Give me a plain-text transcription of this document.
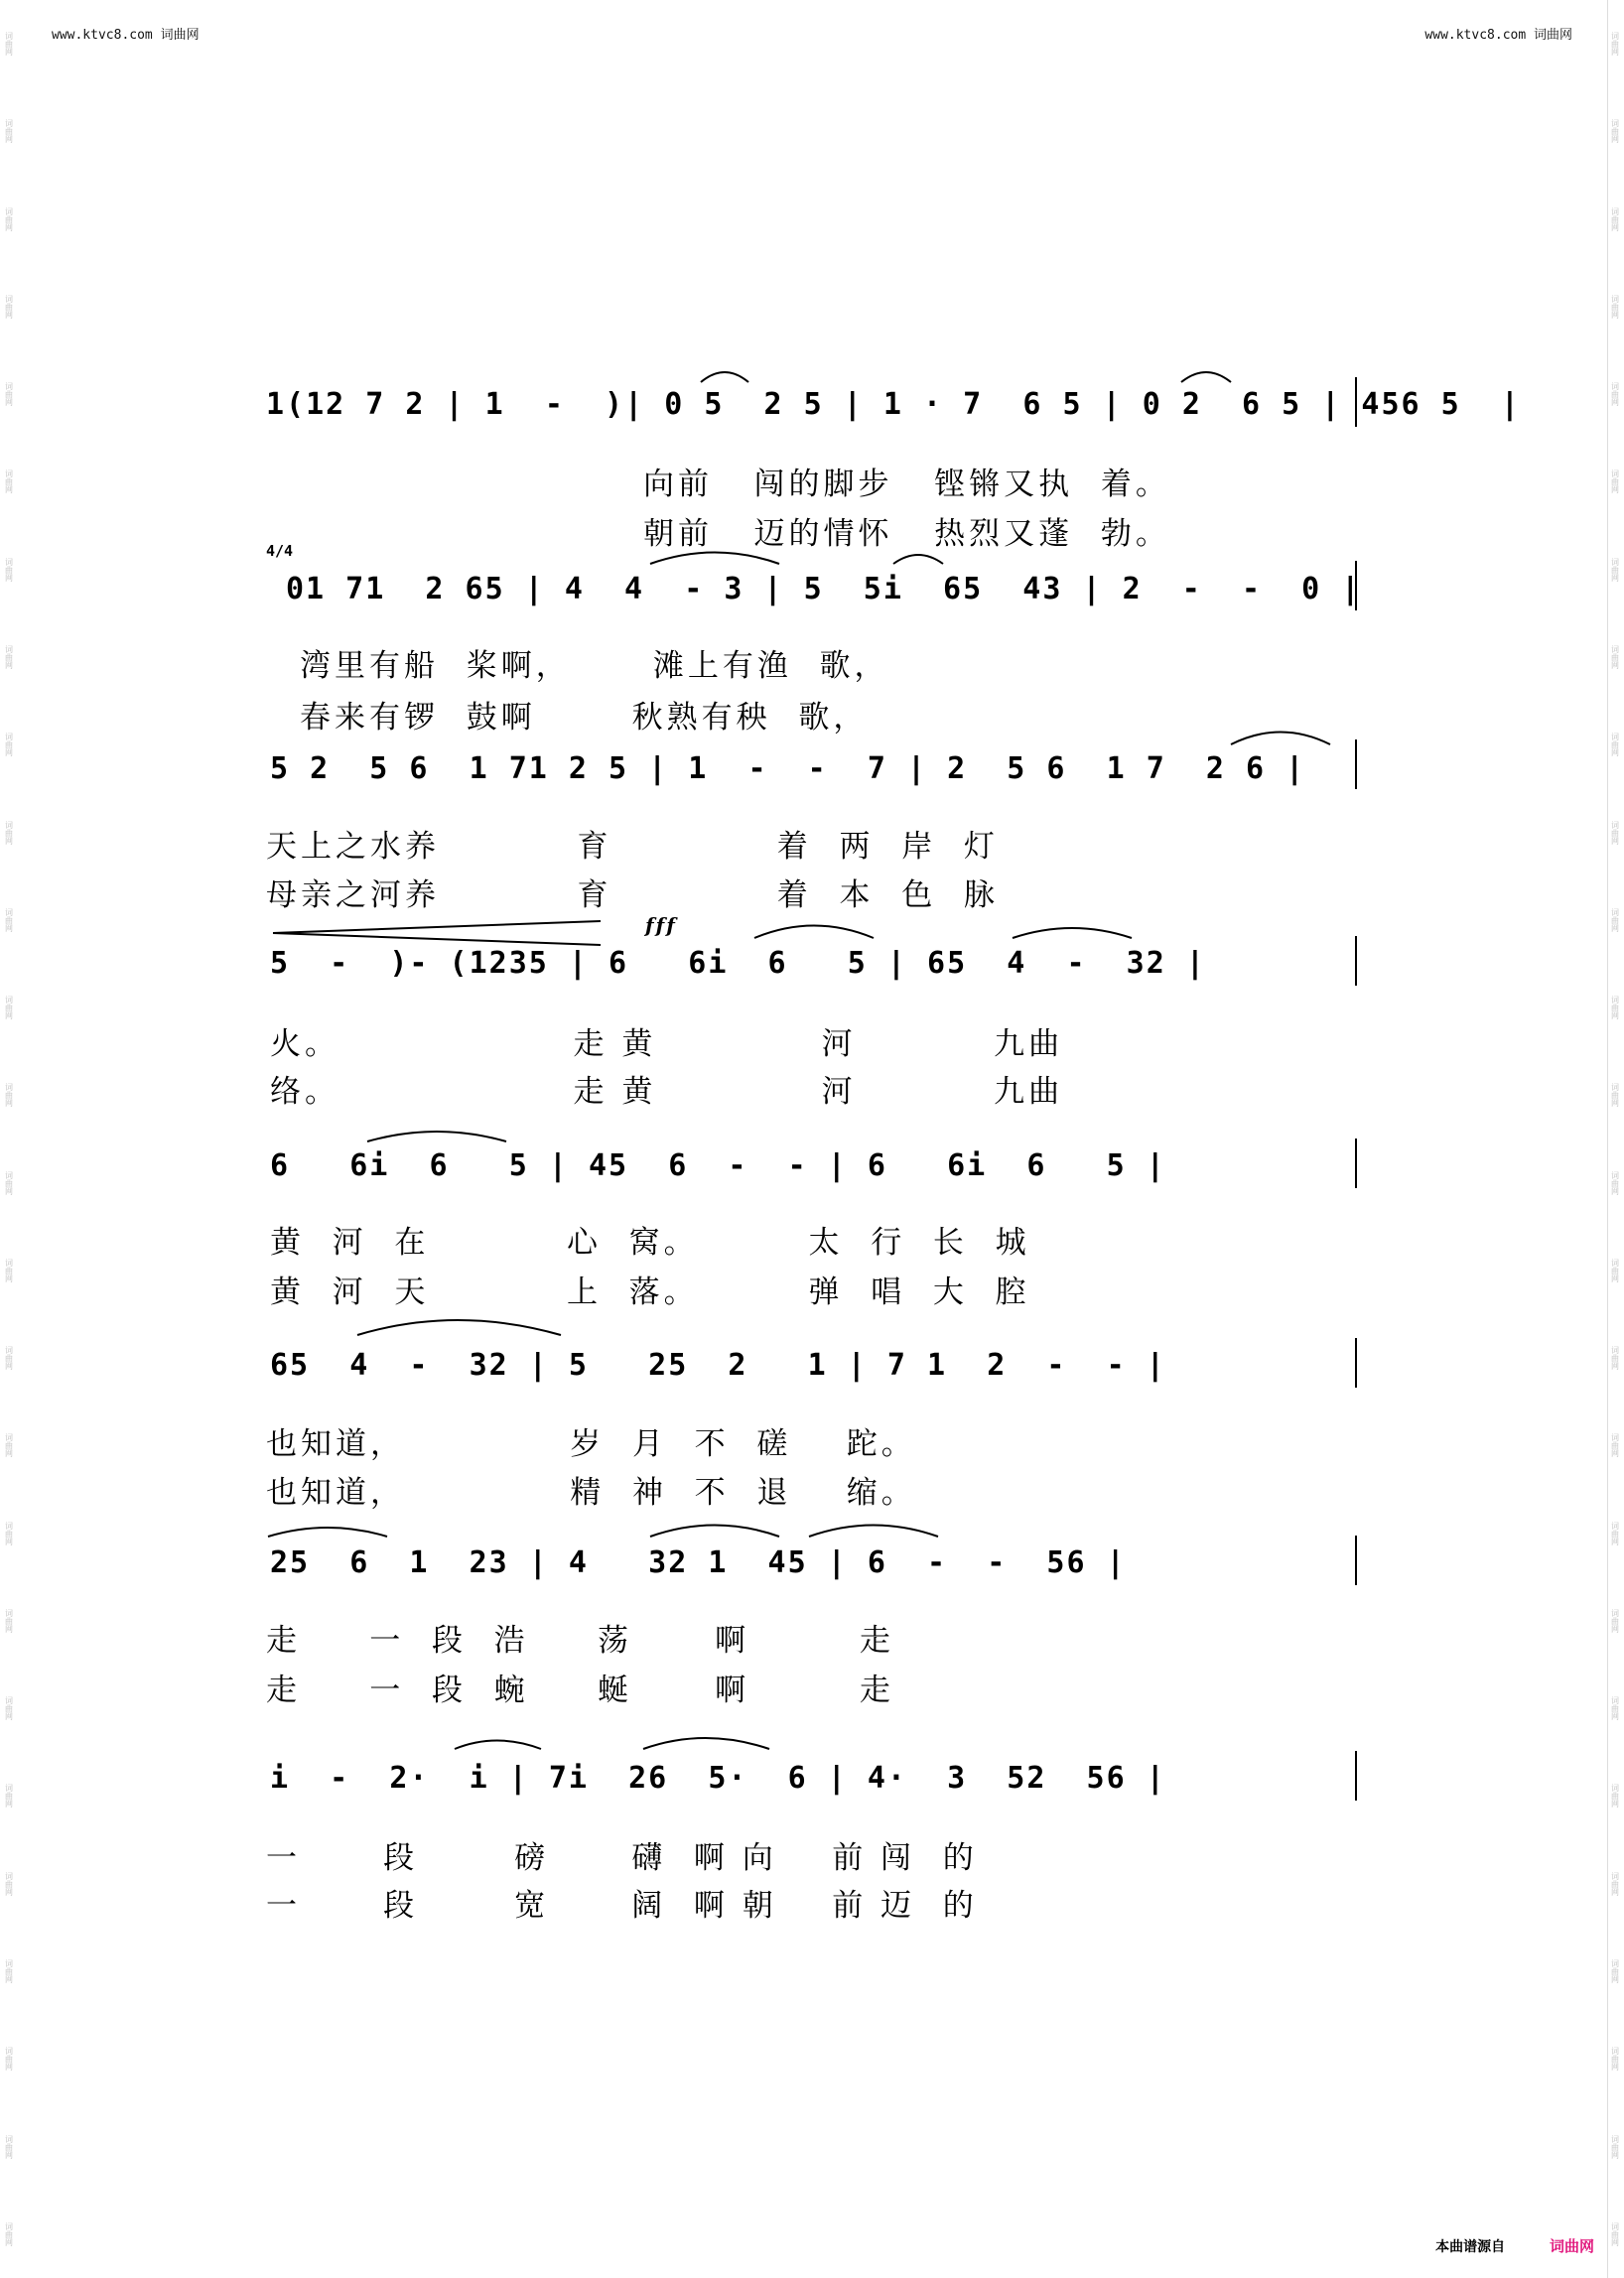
www.ktvc8.com 词曲网	www.ktvc8.com 词曲网
词曲网
词曲网
词曲网
词曲网
词曲网
词曲网
词曲网
词曲网
词曲网
词曲网
词曲网
词曲网
词曲网
词曲网
词曲网
词曲网
词曲网
词曲网
词曲网
词曲网
词曲网
词曲网
词曲网
词曲网
词曲网
词曲网
词曲网
词曲网
词曲网
词曲网
词曲网
词曲网
词曲网
词曲网
词曲网
词曲网
词曲网
词曲网
词曲网
词曲网
词曲网
词曲网
词曲网
词曲网
词曲网
词曲网
词曲网
词曲网
词曲网
词曲网
词曲网
词曲网
1(12 7 2 | 1  -  )| 0 5  2 5 | 1 · 7  6 5 | 0 2  6 5 | 456 5  |
向前   闯的脚步   铿锵又执  着。
朝前   迈的情怀   热烈又蓬  勃。
01 71  2 65 | 4  4  - 3 | 5  5i  65  43 | 2  -  -  0 |
湾里有船  桨啊，      滩上有渔  歌，
春来有锣  鼓啊       秋熟有秧  歌，
5 2  5 6  1 71 2 5 | 1  -  -  7 | 2  5 6  1 7  2 6 |
天上之水养          育            着  两  岸  灯
母亲之河养          育            着  本  色  脉
5  -  )- (1235 | 6   6i  6   5 | 65  4  -  32 |
火。                 走 黄            河          九曲
络。                 走 黄            河          九曲
6   6i  6   5 | 45  6  -  - | 6   6i  6   5 |
黄  河  在          心  窝。        太  行  长  城
黄  河  天          上  落。        弹  唱  大  腔
65  4  -  32 | 5   25  2   1 | 7 1  2  -  - |
也知道，            岁  月  不  磋    跎。
也知道，            精  神  不  退    缩。
25  6  1  23 | 4   32 1  45 | 6  -  -  56 |
走     一  段  浩     荡      啊        走
走     一  段  蜿     蜒      啊        走
i  -  2·  i | 7i  26  5·  6 | 4·  3  52  56 |
一      段       磅      礴  啊 向    前 闯  的
一      段       宽      阔  啊 朝    前 迈  的
4/4
fff
本曲谱源自	词曲网
